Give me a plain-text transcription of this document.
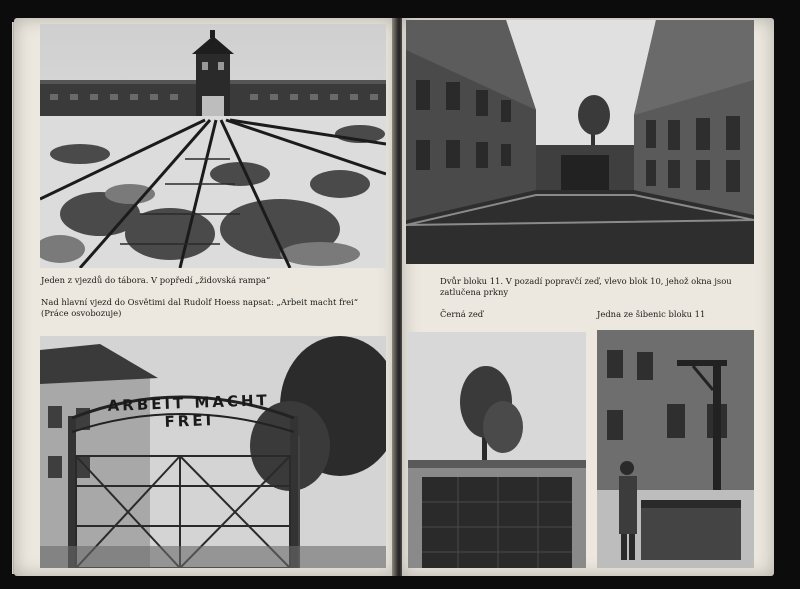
Jeden z vjezdů do tábora. V popředí „židovská rampa“

Nad hlavní vjezd do Osvětimi dal Rudolf Hoess napsat: „Arbeit macht frei“ (Práce osvobozuje)

ARBEIT MACHT FREI

Dvůr bloku 11. V pozadí popravčí zeď, vlevo blok 10, jehož okna jsou zatlučena prkny

Černá zeď	Jedna ze šibenic bloku 11
